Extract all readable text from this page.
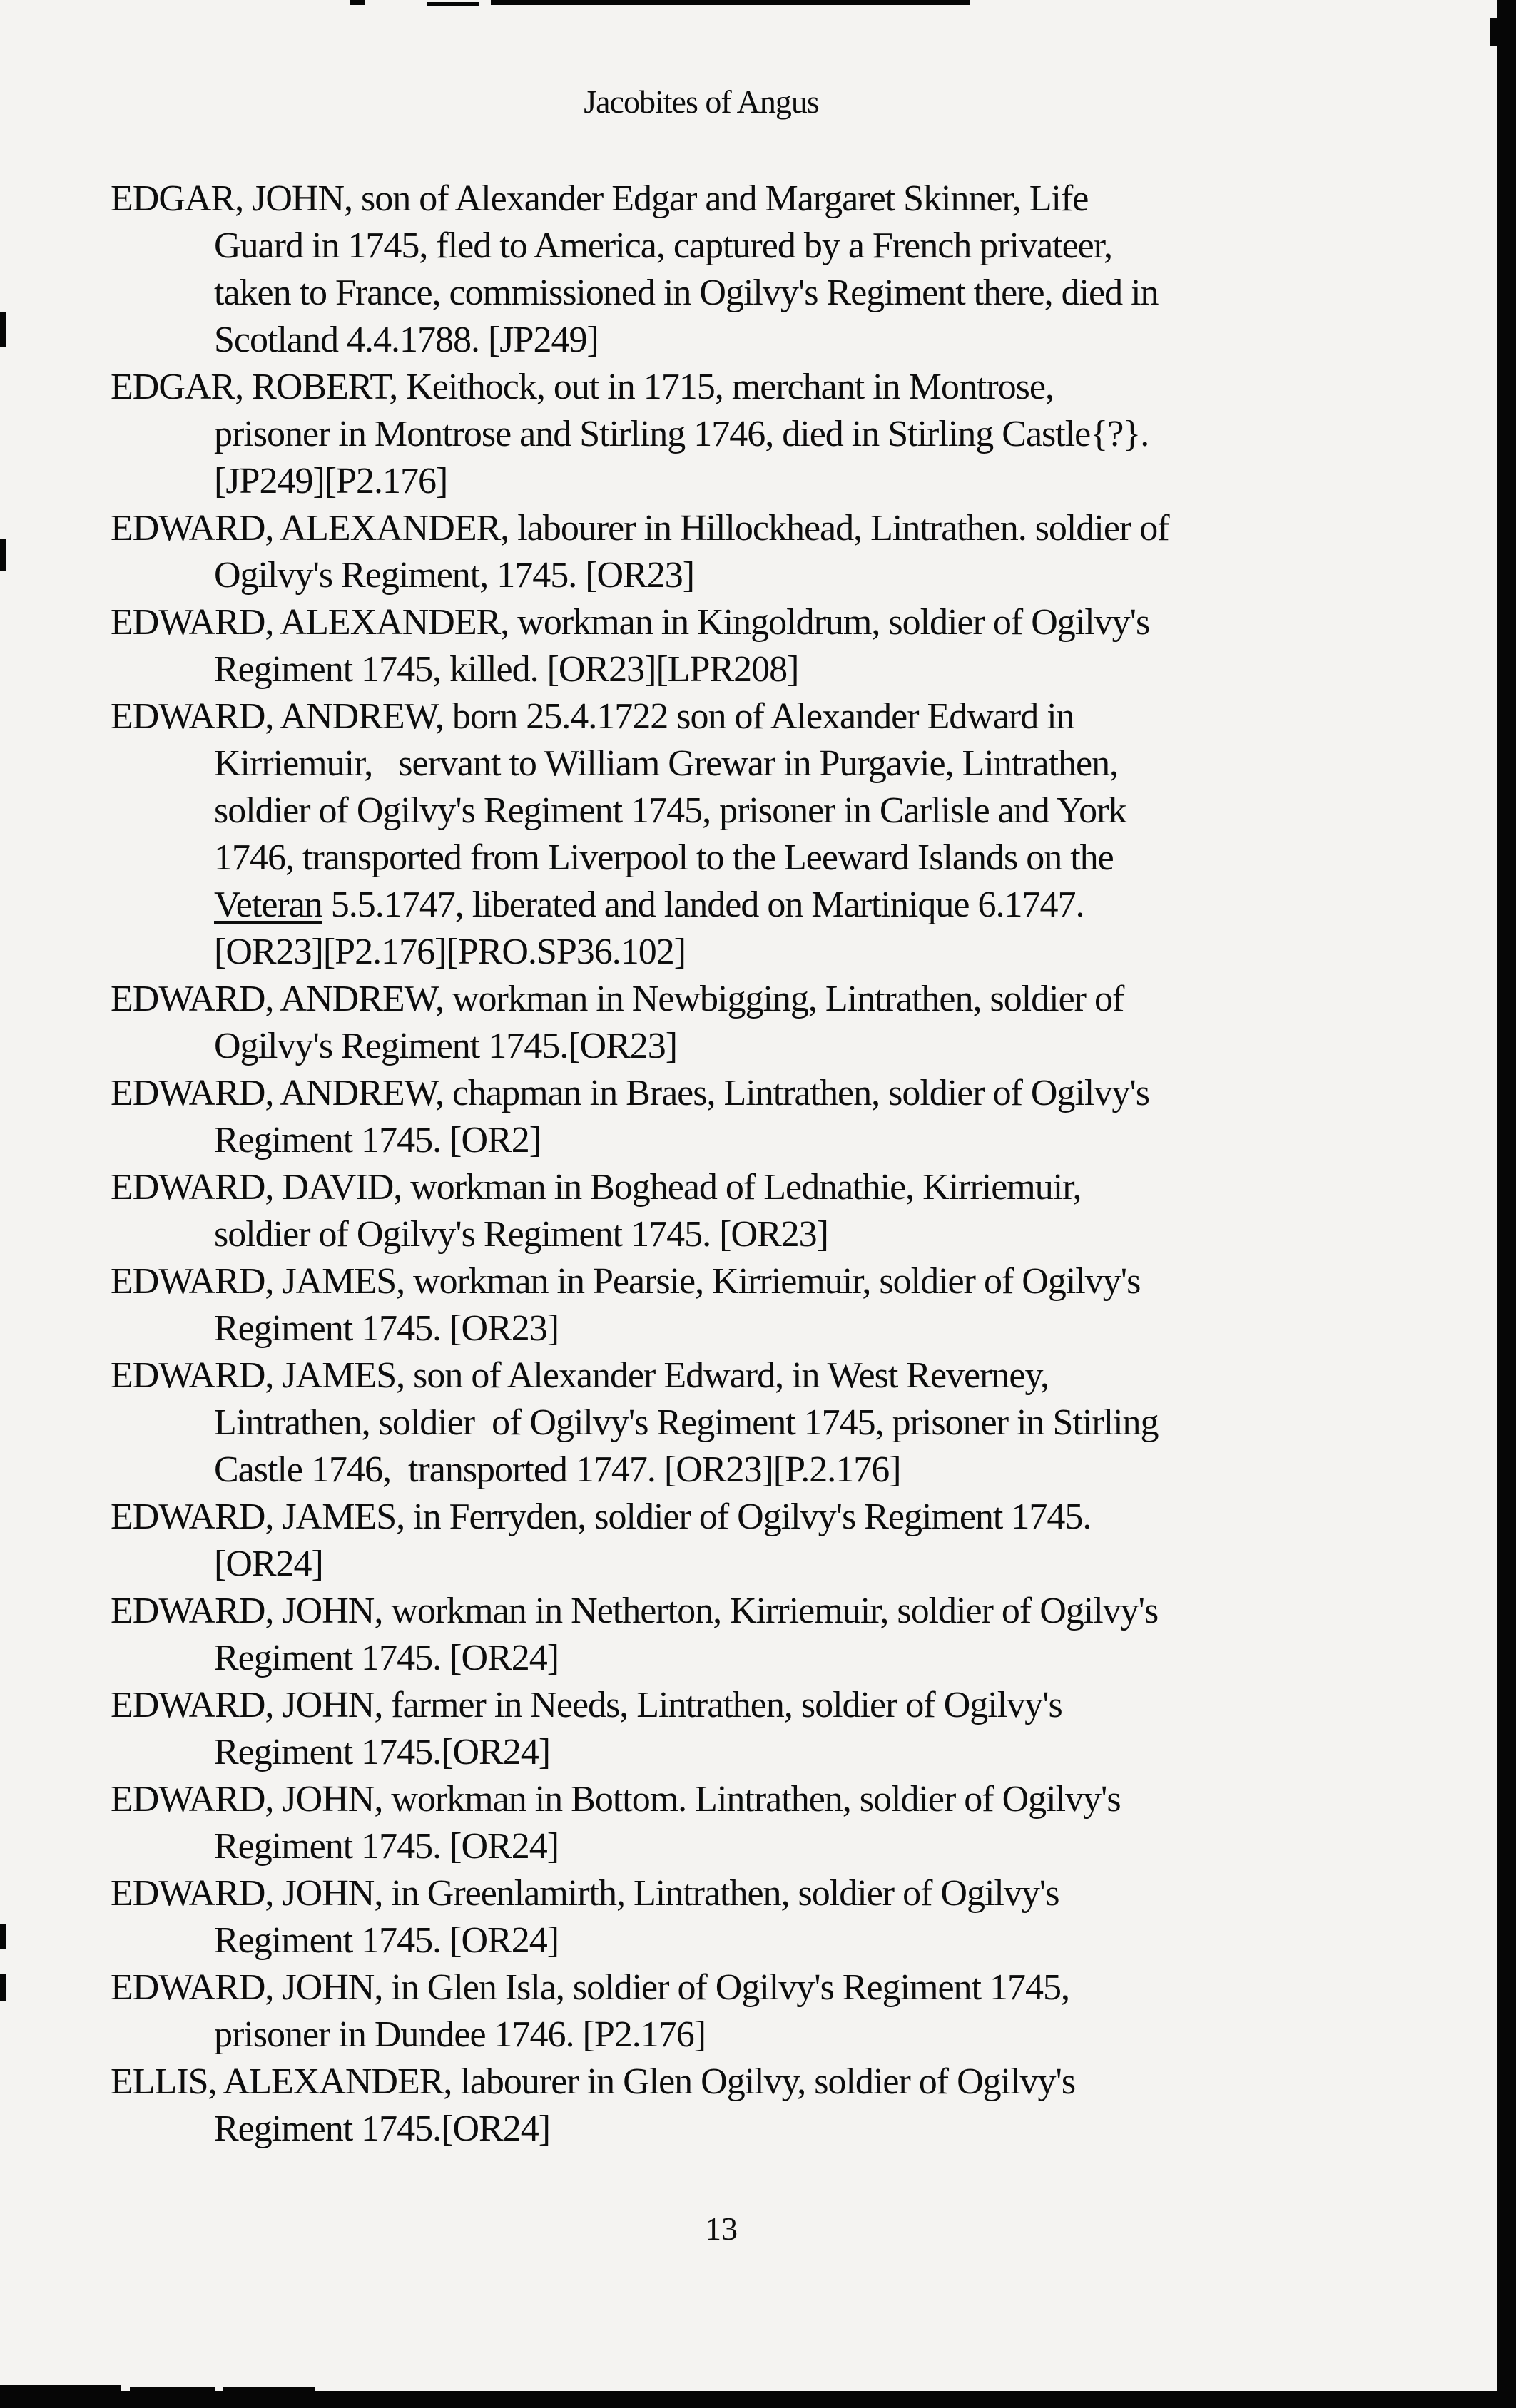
Jacobites of Angus

EDGAR, JOHN, son of Alexander Edgar and Margaret Skinner, Life
Guard in 1745, fled to America, captured by a French privateer,
taken to France, commissioned in Ogilvy's Regiment there, died in
Scotland 4.4.1788. [JP249]

EDGAR, ROBERT, Keithock, out in 1715, merchant in Montrose,
prisoner in Montrose and Stirling 1746, died in Stirling Castle{?}.
[JP249][P2.176]

EDWARD, ALEXANDER, labourer in Hillockhead, Lintrathen. soldier of
Ogilvy's Regiment, 1745. [OR23]

EDWARD, ALEXANDER, workman in Kingoldrum, soldier of Ogilvy's
Regiment 1745, killed. [OR23][LPR208]

EDWARD, ANDREW, born 25.4.1722 son of Alexander Edward in
Kirriemuir,   servant to William Grewar in Purgavie, Lintrathen,
soldier of Ogilvy's Regiment 1745, prisoner in Carlisle and York
1746, transported from Liverpool to the Leeward Islands on the
Veteran 5.5.1747, liberated and landed on Martinique 6.1747.
[OR23][P2.176][PRO.SP36.102]

EDWARD, ANDREW, workman in Newbigging, Lintrathen, soldier of
Ogilvy's Regiment 1745.[OR23]

EDWARD, ANDREW, chapman in Braes, Lintrathen, soldier of Ogilvy's
Regiment 1745. [OR2]

EDWARD, DAVID, workman in Boghead of Lednathie, Kirriemuir,
soldier of Ogilvy's Regiment 1745. [OR23]

EDWARD, JAMES, workman in Pearsie, Kirriemuir, soldier of Ogilvy's
Regiment 1745. [OR23]

EDWARD, JAMES, son of Alexander Edward, in West Reverney,
Lintrathen, soldier  of Ogilvy's Regiment 1745, prisoner in Stirling
Castle 1746,  transported 1747. [OR23][P.2.176]

EDWARD, JAMES, in Ferryden, soldier of Ogilvy's Regiment 1745.
[OR24]

EDWARD, JOHN, workman in Netherton, Kirriemuir, soldier of Ogilvy's
Regiment 1745. [OR24]

EDWARD, JOHN, farmer in Needs, Lintrathen, soldier of Ogilvy's
Regiment 1745.[OR24]

EDWARD, JOHN, workman in Bottom. Lintrathen, soldier of Ogilvy's
Regiment 1745. [OR24]

EDWARD, JOHN, in Greenlamirth, Lintrathen, soldier of Ogilvy's
Regiment 1745. [OR24]

EDWARD, JOHN, in Glen Isla, soldier of Ogilvy's Regiment 1745,
prisoner in Dundee 1746. [P2.176]

ELLIS, ALEXANDER, labourer in Glen Ogilvy, soldier of Ogilvy's
Regiment 1745.[OR24]

13
